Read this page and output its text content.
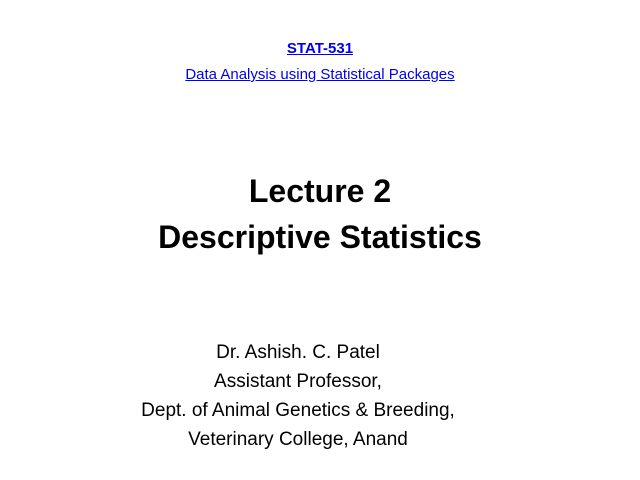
STAT-531
Data Analysis using Statistical Packages
Lecture 2
Descriptive Statistics
Dr. Ashish. C. Patel
Assistant Professor,
Dept. of Animal Genetics & Breeding,
Veterinary College, Anand
